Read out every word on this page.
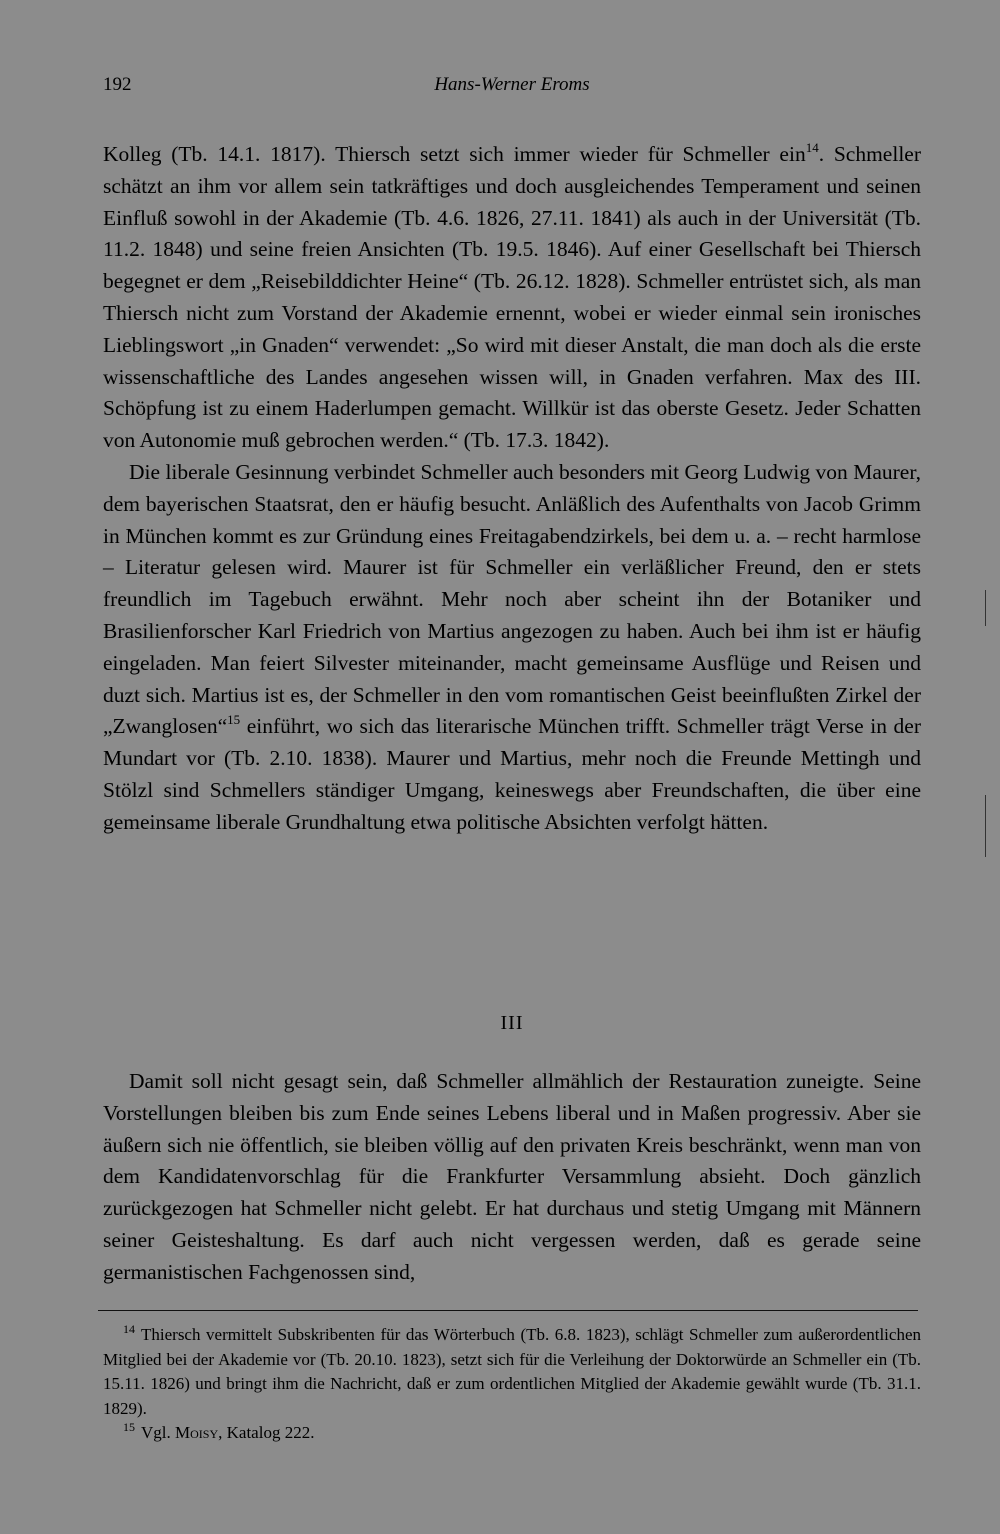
192	Hans-Werner Eroms

Kolleg (Tb. 14.1. 1817). Thiersch setzt sich immer wieder für Schmeller ein$^{14}$. Schmeller schätzt an ihm vor allem sein tatkräftiges und doch ausgleichendes Temperament und seinen Einfluß sowohl in der Akademie (Tb. 4.6. 1826, 27.11. 1841) als auch in der Universität (Tb. 11.2. 1848) und seine freien Ansichten (Tb. 19.5. 1846). Auf einer Gesellschaft bei Thiersch begegnet er dem „Reisebilddichter Heine“ (Tb. 26.12. 1828). Schmeller entrüstet sich, als man Thiersch nicht zum Vorstand der Akademie ernennt, wobei er wieder einmal sein ironisches Lieblingswort „in Gnaden“ verwendet: „So wird mit dieser Anstalt, die man doch als die erste wissenschaftliche des Landes angesehen wissen will, in Gnaden verfahren. Max des III. Schöpfung ist zu einem Haderlumpen gemacht. Willkür ist das oberste Gesetz. Jeder Schatten von Autonomie muß gebrochen werden.“ (Tb. 17.3. 1842).

Die liberale Gesinnung verbindet Schmeller auch besonders mit Georg Ludwig von Maurer, dem bayerischen Staatsrat, den er häufig besucht. Anläßlich des Aufenthalts von Jacob Grimm in München kommt es zur Gründung eines Freitagabendzirkels, bei dem u. a. – recht harmlose – Literatur gelesen wird. Maurer ist für Schmeller ein verläßlicher Freund, den er stets freundlich im Tagebuch erwähnt. Mehr noch aber scheint ihn der Botaniker und Brasilienforscher Karl Friedrich von Martius angezogen zu haben. Auch bei ihm ist er häufig eingeladen. Man feiert Silvester miteinander, macht gemeinsame Ausflüge und Reisen und duzt sich. Martius ist es, der Schmeller in den vom romantischen Geist beeinflußten Zirkel der „Zwanglosen“$^{15}$ einführt, wo sich das literarische München trifft. Schmeller trägt Verse in der Mundart vor (Tb. 2.10. 1838). Maurer und Martius, mehr noch die Freunde Mettingh und Stölzl sind Schmellers ständiger Umgang, keineswegs aber Freundschaften, die über eine gemeinsame liberale Grundhaltung etwa politische Absichten verfolgt hätten.

III

Damit soll nicht gesagt sein, daß Schmeller allmählich der Restauration zuneigte. Seine Vorstellungen bleiben bis zum Ende seines Lebens liberal und in Maßen progressiv. Aber sie äußern sich nie öffentlich, sie bleiben völlig auf den privaten Kreis beschränkt, wenn man von dem Kandidatenvorschlag für die Frankfurter Versammlung absieht. Doch gänzlich zurückgezogen hat Schmeller nicht gelebt. Er hat durchaus und stetig Umgang mit Männern seiner Geisteshaltung. Es darf auch nicht vergessen werden, daß es gerade seine germanistischen Fachgenossen sind,

$^{14}$ Thiersch vermittelt Subskribenten für das Wörterbuch (Tb. 6.8. 1823), schlägt Schmeller zum außerordentlichen Mitglied bei der Akademie vor (Tb. 20.10. 1823), setzt sich für die Verleihung der Doktorwürde an Schmeller ein (Tb. 15.11. 1826) und bringt ihm die Nachricht, daß er zum ordentlichen Mitglied der Akademie gewählt wurde (Tb. 31.1. 1829).

$^{15}$ Vgl. Moisy, Katalog 222.
